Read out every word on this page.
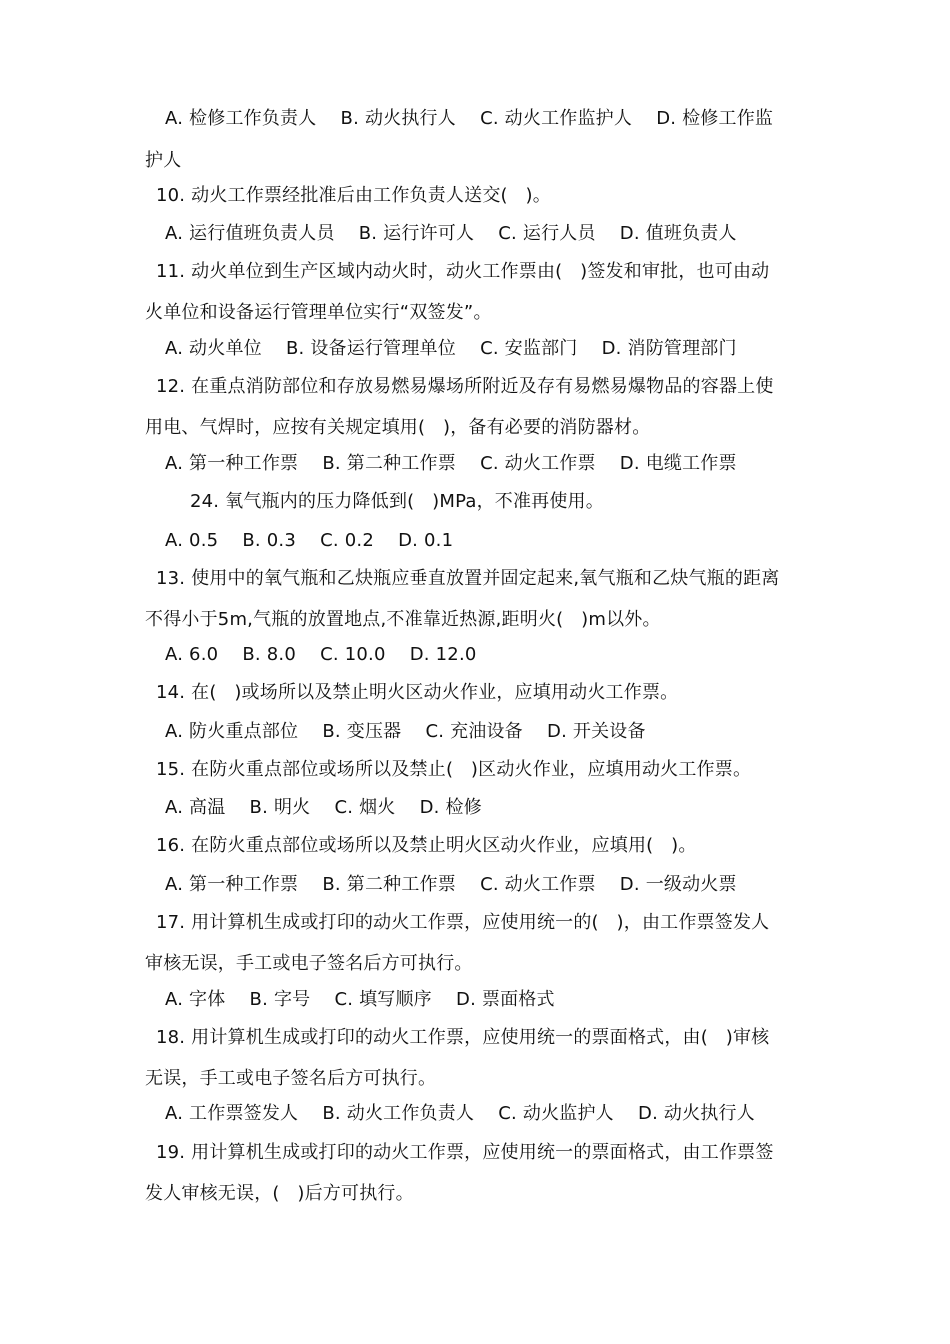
A. 检修工作负责人　 B. 动火执行人　 C. 动火工作监护人　 D. 检修工作监
护人
10. 动火工作票经批准后由工作负责人送交(   )。
A. 运行值班负责人员　 B. 运行许可人　 C. 运行人员　 D. 值班负责人
11. 动火单位到生产区域内动火时，动火工作票由(   )签发和审批，也可由动
火单位和设备运行管理单位实行“双签发”。
A. 动火单位　 B. 设备运行管理单位　 C. 安监部门　 D. 消防管理部门
12. 在重点消防部位和存放易燃易爆场所附近及存有易燃易爆物品的容器上使
用电、气焊时，应按有关规定填用(   )，备有必要的消防器材。
A. 第一种工作票　 B. 第二种工作票　 C. 动火工作票　 D. 电缆工作票
24. 氧气瓶内的压力降低到(   )MPa，不准再使用。
A. 0.5　 B. 0.3　 C. 0.2　 D. 0.1
13. 使用中的氧气瓶和乙炔瓶应垂直放置并固定起来,氧气瓶和乙炔气瓶的距离
不得小于5m,气瓶的放置地点,不准靠近热源,距明火(   )m以外。
A. 6.0　 B. 8.0　 C. 10.0　 D. 12.0
14. 在(   )或场所以及禁止明火区动火作业，应填用动火工作票。
A. 防火重点部位　 B. 变压器　 C. 充油设备　 D. 开关设备
15. 在防火重点部位或场所以及禁止(   )区动火作业，应填用动火工作票。
A. 高温　 B. 明火　 C. 烟火　 D. 检修
16. 在防火重点部位或场所以及禁止明火区动火作业，应填用(   )。
A. 第一种工作票　 B. 第二种工作票　 C. 动火工作票　 D. 一级动火票
17. 用计算机生成或打印的动火工作票，应使用统一的(   )，由工作票签发人
审核无误，手工或电子签名后方可执行。
A. 字体　 B. 字号　 C. 填写顺序　 D. 票面格式
18. 用计算机生成或打印的动火工作票，应使用统一的票面格式，由(   )审核
无误，手工或电子签名后方可执行。
A. 工作票签发人　 B. 动火工作负责人　 C. 动火监护人　 D. 动火执行人
19. 用计算机生成或打印的动火工作票，应使用统一的票面格式，由工作票签
发人审核无误，(   )后方可执行。
